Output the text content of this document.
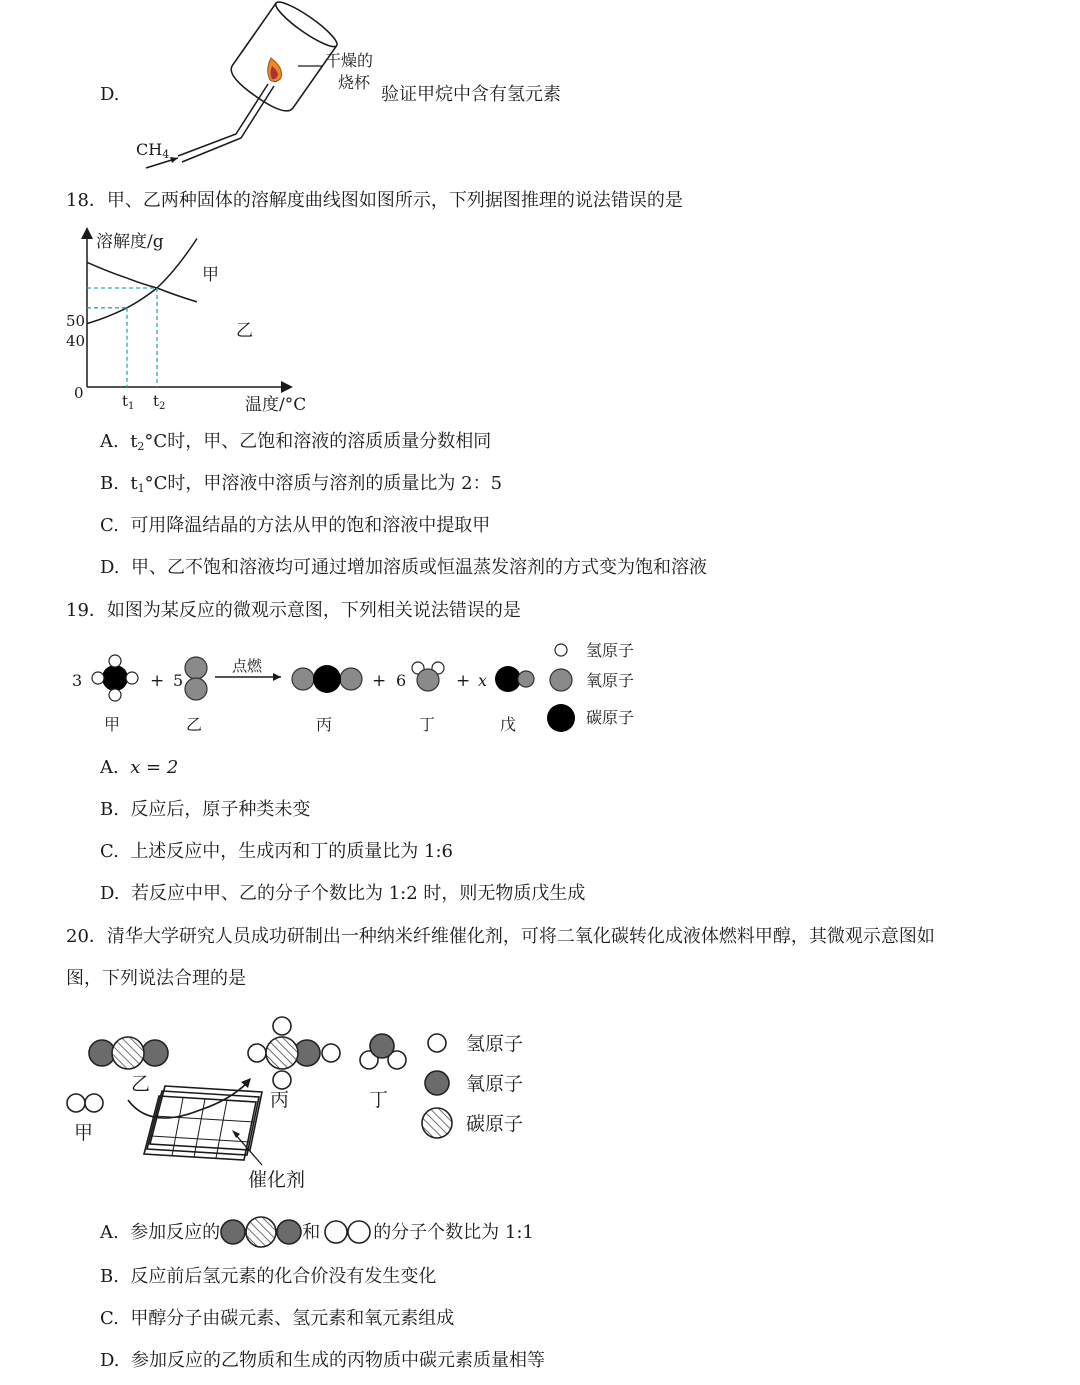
D.
干燥的
烧杯
验证甲烷中含有氢元素
$CH_4$
18．甲、乙两种固体的溶解度曲线图如图所示，下列据图推理的说法错误的是
溶解度/g
温度/°C
甲
乙
50
40
0	$t_1$ $t_2$
A. $t_2^\circ C$时，甲、乙饱和溶液的溶质质量分数相同
B. $t_1^\circ C$时，甲溶液中溶质与溶剂的质量比为 2：5
C. 可用降温结晶的方法从甲的饱和溶液中提取甲
D. 甲、乙不饱和溶液均可通过增加溶质或恒温蒸发溶剂的方式变为饱和溶液
19．如图为某反应的微观示意图，下列相关说法错误的是
3	+ 5
点燃
+ 6	+ x
甲	乙	丙	丁	戊
氢原子
氧原子
碳原子
A. x = 2
B. 反应后，原子种类未变
C. 上述反应中，生成丙和丁的质量比为 1:6
D. 若反应中甲、乙的分子个数比为 1:2 时，则无物质戊生成
20．清华大学研究人员成功研制出一种纳米纤维催化剂，可将二氧化碳转化成液体燃料甲醇，其微观示意图如
图，下列说法合理的是
乙
甲
催化剂
丙	丁
氢原子
氧原子
碳原子
A. 参加反应的	和	的分子个数比为 1:1
B. 反应前后氢元素的化合价没有发生变化
C. 甲醇分子由碳元素、氢元素和氧元素组成
D. 参加反应的乙物质和生成的丙物质中碳元素质量相等
